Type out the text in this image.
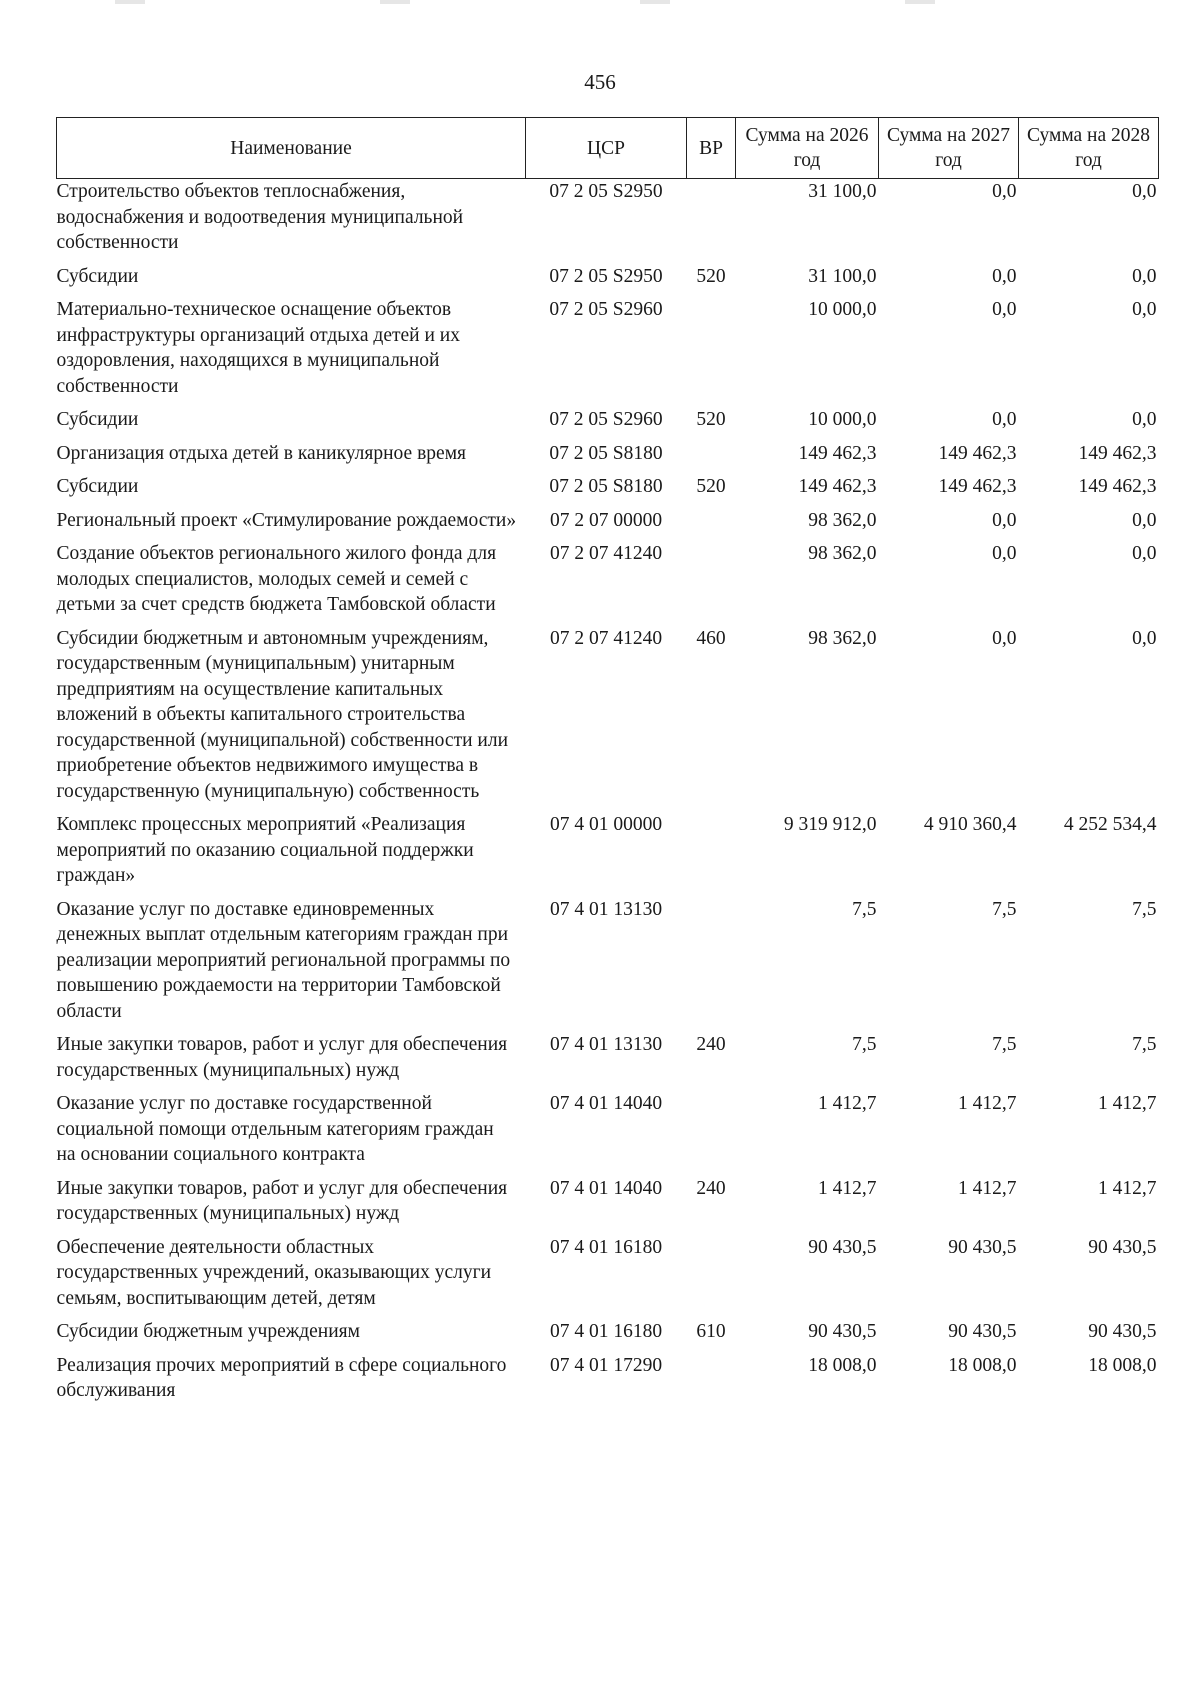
456
Наименование	ЦСР	ВР	Сумма на 2026 год	Сумма на 2027 год	Сумма на 2028 год
Строительство объектов теплоснабжения, водоснабжения и водоотведения муниципальной собственности	07 2 05 S2950		31 100,0	0,0	0,0
Субсидии	07 2 05 S2950	520	31 100,0	0,0	0,0
Материально-техническое оснащение объектов инфраструктуры организаций отдыха детей и их оздоровления, находящихся в муниципальной собственности	07 2 05 S2960		10 000,0	0,0	0,0
Субсидии	07 2 05 S2960	520	10 000,0	0,0	0,0
Организация отдыха детей в каникулярное время	07 2 05 S8180		149 462,3	149 462,3	149 462,3
Субсидии	07 2 05 S8180	520	149 462,3	149 462,3	149 462,3
Региональный проект «Стимулирование рождаемости»	07 2 07 00000		98 362,0	0,0	0,0
Создание объектов регионального жилого фонда для молодых специалистов, молодых семей и семей с детьми за счет средств бюджета Тамбовской области	07 2 07 41240		98 362,0	0,0	0,0
Субсидии бюджетным и автономным учреждениям, государственным (муниципальным) унитарным предприятиям на осуществление капитальных вложений в объекты капитального строительства государственной (муниципальной) собственности или приобретение объектов недвижимого имущества в государственную (муниципальную) собственность	07 2 07 41240	460	98 362,0	0,0	0,0
Комплекс процессных мероприятий «Реализация мероприятий по оказанию социальной поддержки граждан»	07 4 01 00000		9 319 912,0	4 910 360,4	4 252 534,4
Оказание услуг по доставке единовременных денежных выплат отдельным категориям граждан при реализации мероприятий региональной программы по повышению рождаемости на территории Тамбовской области	07 4 01 13130		7,5	7,5	7,5
Иные закупки товаров, работ и услуг для обеспечения государственных (муниципальных) нужд	07 4 01 13130	240	7,5	7,5	7,5
Оказание услуг по доставке государственной социальной помощи отдельным категориям граждан на основании социального контракта	07 4 01 14040		1 412,7	1 412,7	1 412,7
Иные закупки товаров, работ и услуг для обеспечения государственных (муниципальных) нужд	07 4 01 14040	240	1 412,7	1 412,7	1 412,7
Обеспечение деятельности областных государственных учреждений, оказывающих услуги семьям, воспитывающим детей, детям	07 4 01 16180		90 430,5	90 430,5	90 430,5
Субсидии бюджетным учреждениям	07 4 01 16180	610	90 430,5	90 430,5	90 430,5
Реализация прочих мероприятий в сфере социального обслуживания	07 4 01 17290		18 008,0	18 008,0	18 008,0
